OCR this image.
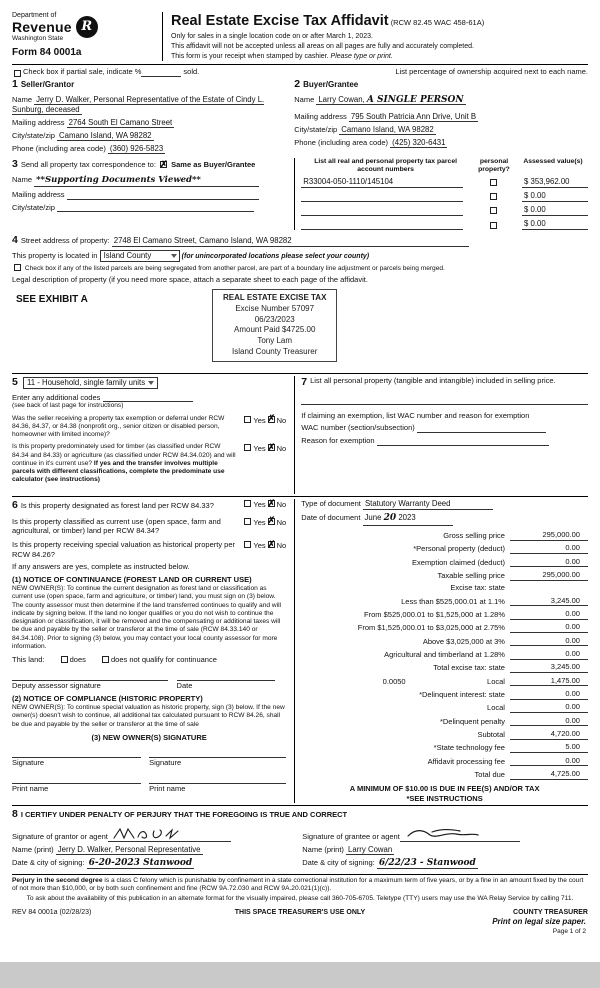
Department of
Revenue
Washington State
R
Form 84 0001a
Real Estate Excise Tax Affidavit (RCW 82.45 WAC 458-61A)
Only for sales in a single location code on or after March 1, 2023.
This affidavit will not be accepted unless all areas on all pages are fully and accurately completed.
This form is your receipt when stamped by cashier. Please type or print.
Check box if partial sale, indicate %	sold.	List percentage of ownership acquired next to each name.
1 Seller/Grantor
Name Jerry D. Walker, Personal Representative of the Estate of Cindy L. Sunburg, deceased
Mailing address 2764 South El Camano Street
City/state/zip Camano Island, WA 98282
Phone (including area code) (360) 926-5823
2 Buyer/Grantee
Name Larry Cowan, A SINGLE PERSON
Mailing address 795 South Patricia Ann Drive, Unit B
City/state/zip Camano Island, WA 98282
Phone (including area code) (425) 320-6431
3 Send all property tax correspondence to: ✗ Same as Buyer/Grantee
Name **Supporting Documents Viewed**
Mailing address
City/state/zip
List all real and personal property tax parcel account numbers
personal property?
Assessed value(s)
R33004-050-1110/145104	$ 353,962.00
$ 0.00
$ 0.00
$ 0.00
4 Street address of property: 2748 El Camano Street, Camano Island, WA 98282
This property is located in Island County	(for unincorporated locations please select your county)
Check box if any of the listed parcels are being segregated from another parcel, are part of a boundary line adjustment or parcels being merged.
Legal description of property (if you need more space, attach a separate sheet to each page of the affidavit.
SEE EXHIBIT A	REAL ESTATE EXCISE TAX
Excise Number 57097
06/23/2023
Amount Paid $4725.00
Tony Lam
Island County Treasurer
5 11 - Household, single family units
Enter any additional codes
(see back of last page for instructions)
Was the seller receiving a property tax exemption or deferral under RCW 84.36, 84.37, or 84.38 (nonprofit org., senior citizen or disabled person, homeowner with limited income)?
Yes ✗ No
Is this property predominately used for timber (as classified under RCW 84.34 and 84.33) or agriculture (as classified under RCW 84.34.020) and will continue in it's current use? If yes and the transfer involves multiple parcels with different classifications, complete the predominate use calculator (see instructions)
Yes ✗ No
7 List all personal property (tangible and intangible) included in selling price.
If claiming an exemption, list WAC number and reason for exemption
WAC number (section/subsection)
Reason for exemption
6 Is this property designated as forest land per RCW 84.33?	Yes ✗ No
Is this property classified as current use (open space, farm and agricultural, or timber) land per RCW 84.34?
Yes ✗ No
Is this property receiving special valuation as historical property per RCW 84.26?
Yes ✗ No
If any answers are yes, complete as instructed below.
(1) NOTICE OF CONTINUANCE (FOREST LAND OR CURRENT USE)
NEW OWNER(S): To continue the current designation as forest land or classification as current use (open space, farm and agriculture, or timber) land, you must sign on (3) below. The county assessor must then determine if the land transferred continues to qualify and will indicate by signing below. If the land no longer qualifies or you do not wish to continue the designation or classification, it will be removed and the compensating or additional taxes will be due and payable by the seller or transferor at the time of sale (RCW 84.33.140 or 84.34.108). Prior to signing (3) below, you may contact your local county assessor for more information.
This land:	does	does not qualify for continuance
Deputy assessor signature	Date
(2) NOTICE OF COMPLIANCE (HISTORIC PROPERTY)
NEW OWNER(S): To continue special valuation as historic property, sign (3) below. If the new owner(s) doesn't wish to continue, all additional tax calculated pursuant to RCW 84.26, shall be due and payable by the seller or transferor at the time of sale
(3) NEW OWNER(S) SIGNATURE
Signature	Signature
Print name	Print name
Type of document Statutory Warranty Deed
Date of document June 20 2023
Gross selling price	295,000.00
*Personal property (deduct)	0.00
Exemption claimed (deduct)	0.00
Taxable selling price	295,000.00
Excise tax: state
Less than $525,000.01 at 1.1%	3,245.00
From $525,000.01 to $1,525,000 at 1.28%	0.00
From $1,525,000.01 to $3,025,000 at 2.75%	0.00
Above $3,025,000 at 3%	0.00
Agricultural and timberland at 1.28%	0.00
Total excise tax: state	3,245.00
0.0050	Local	1,475.00
*Delinquent interest: state	0.00
Local	0.00
*Delinquent penalty	0.00
Subtotal	4,720.00
*State technology fee	5.00
Affidavit processing fee	0.00
Total due	4,725.00
A MINIMUM OF $10.00 IS DUE IN FEE(S) AND/OR TAX
*SEE INSTRUCTIONS
8 I CERTIFY UNDER PENALTY OF PERJURY THAT THE FOREGOING IS TRUE AND CORRECT
Signature of grantor or agent
Name (print) Jerry D. Walker, Personal Representative
Date & city of signing: 6-20-2023 Stanwood
Signature of grantee or agent
Name (print) Larry Cowan
Date & city of signing: 6/22/23 - Stanwood
Perjury in the second degree is a class C felony which is punishable by confinement in a state correctional institution for a maximum term of five years, or by a fine in an amount fixed by the court of not more than $10,000, or by both such confinement and fine (RCW 9A.72.030 and RCW 9A.20.021(1)(c)).
To ask about the availability of this publication in an alternate format for the visually impaired, please call 360-705-6705. Teletype (TTY) users may use the WA Relay Service by calling 711.
REV 84 0001a (02/28/23)	THIS SPACE TREASURER'S USE ONLY	COUNTY TREASURER
Print on legal size paper.
Page 1 of 2
